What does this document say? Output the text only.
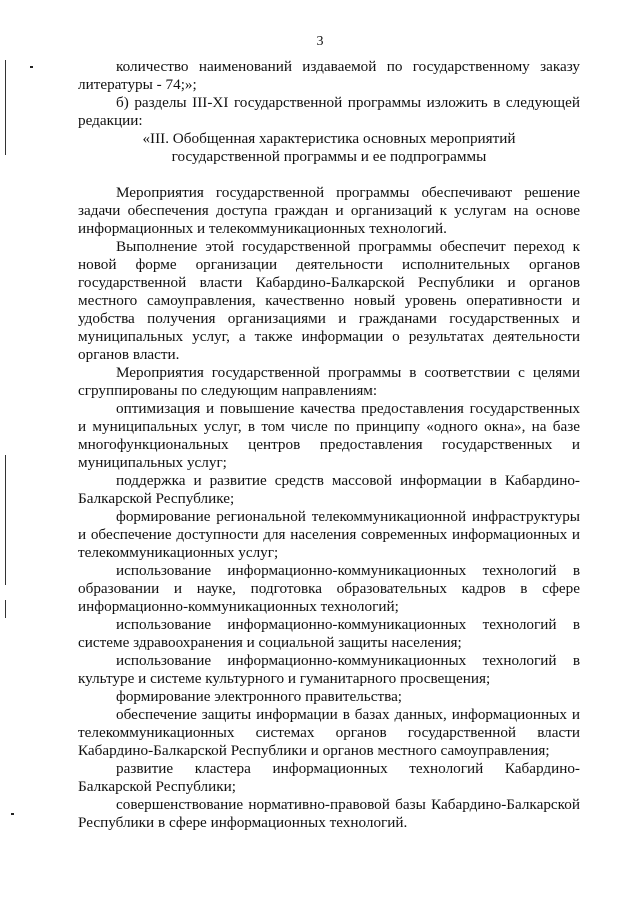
3

количество наименований издаваемой по государственному заказу литературы - 74;»;

б) разделы III-XI государственной программы изложить в следующей редакции:

«III. Обобщенная характеристика основных мероприятий
государственной программы и ее подпрограммы

Мероприятия государственной программы обеспечивают решение задачи обеспечения доступа граждан и организаций к услугам на основе информационных и телекоммуникационных технологий.

Выполнение этой государственной программы обеспечит переход к новой форме организации деятельности исполнительных органов государственной власти Кабардино-Балкарской Республики и органов местного самоуправления, качественно новый уровень оперативности и удобства получения организациями и гражданами государственных и муниципальных услуг, а также информации о результатах деятельности органов власти.

Мероприятия государственной программы в соответствии с целями сгруппированы по следующим направлениям:

оптимизация и повышение качества предоставления государственных и муниципальных услуг, в том числе по принципу «одного окна», на базе многофункциональных центров предоставления государственных и муниципальных услуг;

поддержка и развитие средств массовой информации в Кабардино-Балкарской Республике;

формирование региональной телекоммуникационной инфраструктуры и обеспечение доступности для населения современных информационных и телекоммуникационных услуг;

использование информационно-коммуникационных технологий в образовании и науке, подготовка образовательных кадров в сфере информационно-коммуникационных технологий;

использование информационно-коммуникационных технологий в системе здравоохранения и социальной защиты населения;

использование информационно-коммуникационных технологий в культуре и системе культурного и гуманитарного просвещения;

формирование электронного правительства;

обеспечение защиты информации в базах данных, информационных и телекоммуникационных системах органов государственной власти Кабардино-Балкарской Республики и органов местного самоуправления;

развитие кластера информационных технологий Кабардино-Балкарской Республики;

совершенствование нормативно-правовой базы Кабардино-Балкарской Республики в сфере информационных технологий.
